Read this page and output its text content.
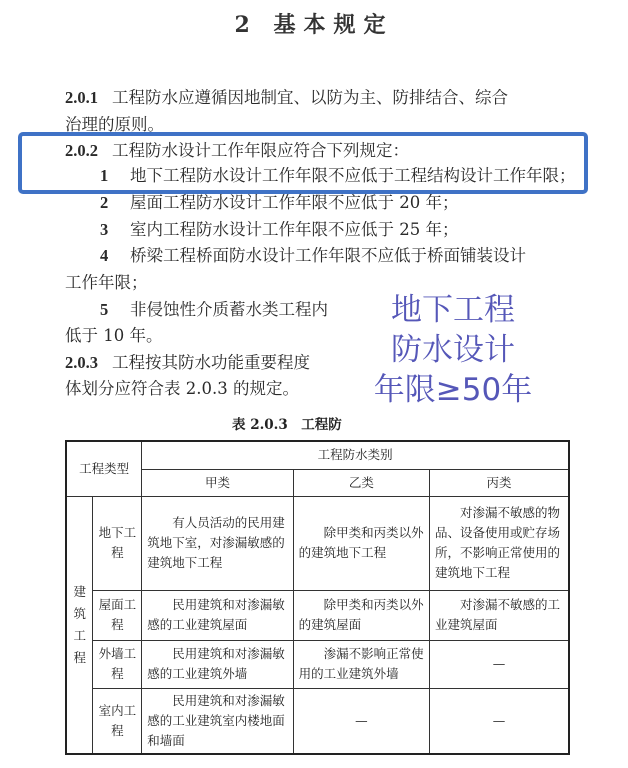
2 基本规定
2.0.1 工程防水应遵循因地制宜、以防为主、防排结合、综合
治理的原则。
2.0.2 工程防水设计工作年限应符合下列规定：
1 地下工程防水设计工作年限不应低于工程结构设计工作年限；
2 屋面工程防水设计工作年限不应低于 20 年；
3 室内工程防水设计工作年限不应低于 25 年；
4 桥梁工程桥面防水设计工作年限不应低于桥面铺装设计
工作年限；
5 非侵蚀性介质蓄水类工程内
低于 10 年。
2.0.3 工程按其防水功能重要程度
体划分应符合表 2.0.3 的规定。
地下工程
防水设计
年限≥50年
表 2.0.3　工程防
工程类型		工程防水类别		
		甲类	乙类	丙类
建筑工程	地下工程	有人员活动的民用建筑地下室，对渗漏敏感的建筑地下工程	除甲类和丙类以外的建筑地下工程	对渗漏不敏感的物品、设备使用或贮存场所，不影响正常使用的建筑地下工程
	屋面工程	民用建筑和对渗漏敏感的工业建筑屋面	除甲类和丙类以外的建筑屋面	对渗漏不敏感的工业建筑屋面
	外墙工程	民用建筑和对渗漏敏感的工业建筑外墙	渗漏不影响正常使用的工业建筑外墙	—
	室内工程	民用建筑和对渗漏敏感的工业建筑室内楼地面和墙面	—	—
